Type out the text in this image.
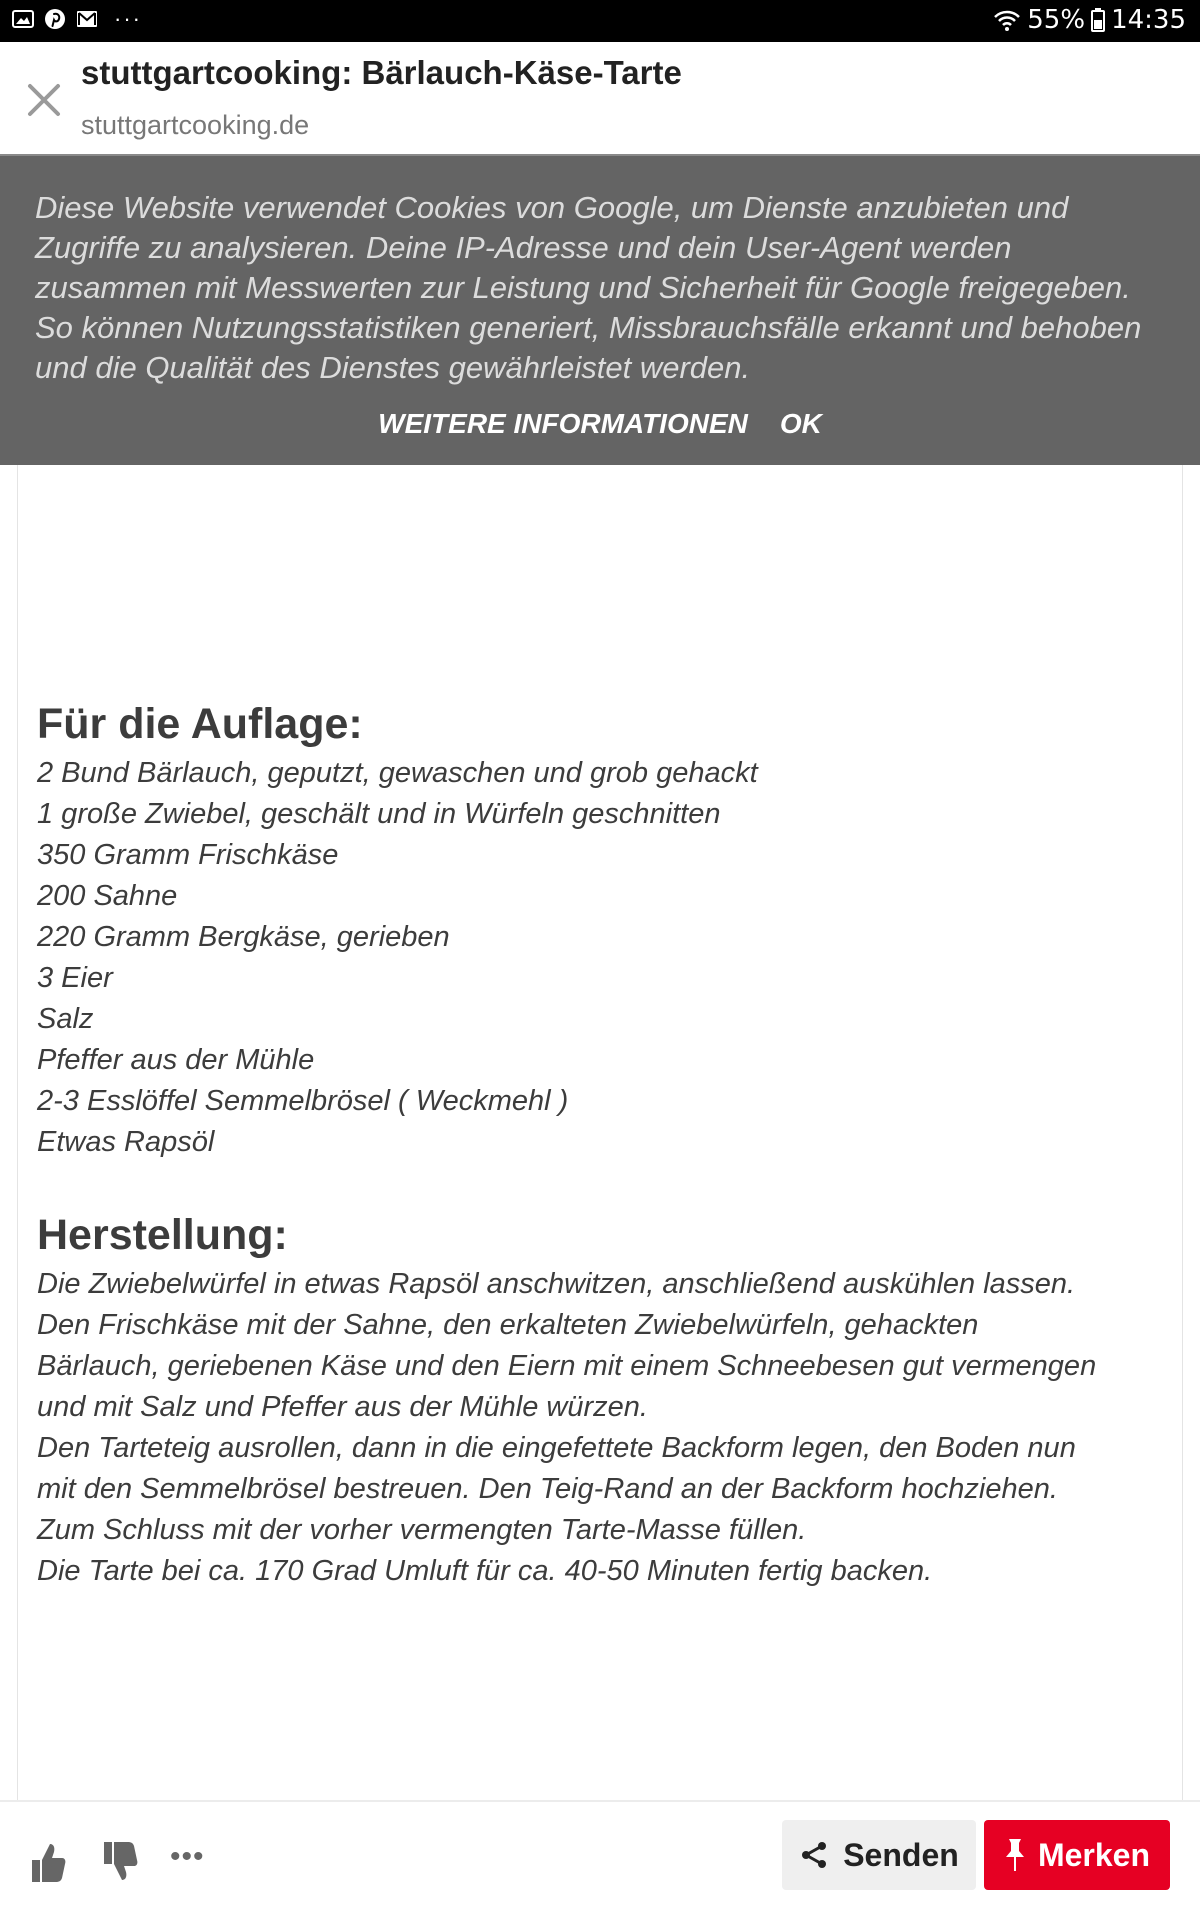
···	55% 14:35
stuttgartcooking: Bärlauch-Käse-Tarte
stuttgartcooking.de
Diese Website verwendet Cookies von Google, um Dienste anzubieten und
Zugriffe zu analysieren. Deine IP-Adresse und dein User-Agent werden
zusammen mit Messwerten zur Leistung und Sicherheit für Google freigegeben.
So können Nutzungsstatistiken generiert, Missbrauchsfälle erkannt und behoben
und die Qualität des Dienstes gewährleistet werden.
WEITERE INFORMATIONEN OK
Für die Auflage:
2 Bund Bärlauch, geputzt, gewaschen und grob gehackt
1 große Zwiebel, geschält und in Würfeln geschnitten
350 Gramm Frischkäse
200 Sahne
220 Gramm Bergkäse, gerieben
3 Eier
Salz
Pfeffer aus der Mühle
2-3 Esslöffel Semmelbrösel ( Weckmehl )
Etwas Rapsöl
Herstellung:

Die Zwiebelwürfel in etwas Rapsöl anschwitzen, anschließend auskühlen lassen.

Den Frischkäse mit der Sahne, den erkalteten Zwiebelwürfeln, gehackten

Bärlauch, geriebenen Käse und den Eiern mit einem Schneebesen gut vermengen

und mit Salz und Pfeffer aus der Mühle würzen.

Den Tarteteig ausrollen, dann in die eingefettete Backform legen, den Boden nun

mit den Semmelbrösel bestreuen. Den Teig-Rand an der Backform hochziehen.

Zum Schluss mit der vorher vermengten Tarte-Masse füllen.

Die Tarte bei ca. 170 Grad Umluft für ca. 40-50 Minuten fertig backen.

•••	Senden Merken
